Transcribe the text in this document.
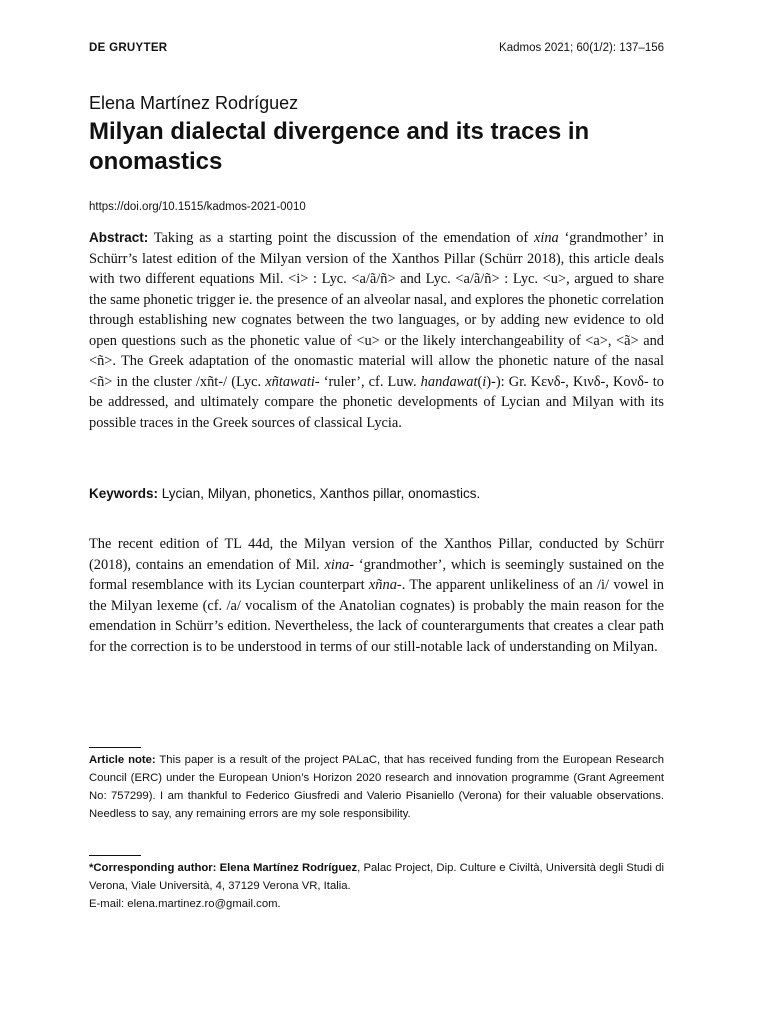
DE GRUYTER	Kadmos 2021; 60(1/2): 137–156
Elena Martínez Rodríguez
Milyan dialectal divergence and its traces in onomastics
https://doi.org/10.1515/kadmos-2021-0010

Abstract: Taking as a starting point the discussion of the emendation of xina ‘grandmother’ in Schürr’s latest edition of the Milyan version of the Xanthos Pillar (Schürr 2018), this article deals with two different equations Mil. <i> : Lyc. <a/ã/ñ> and Lyc. <a/ã/ñ> : Lyc. <u>, argued to share the same phonetic trigger ie. the presence of an alveolar nasal, and explores the phonetic correlation through establishing new cognates between the two languages, or by adding new evidence to old open questions such as the phonetic value of <u> or the likely interchangeability of <a>, <ã> and <ñ>. The Greek adaptation of the onomastic material will allow the phonetic nature of the nasal <ñ> in the cluster /xñt-/ (Lyc. xñtawati- ‘ruler’, cf. Luw. handawat(i)-): Gr. Κενδ-, Κινδ-, Κονδ- to be addressed, and ultimately compare the phonetic developments of Lycian and Milyan with its possible traces in the Greek sources of classical Lycia.

Keywords: Lycian, Milyan, phonetics, Xanthos pillar, onomastics.

The recent edition of TL 44d, the Milyan version of the Xanthos Pillar, conducted by Schürr (2018), contains an emendation of Mil. xina- ‘grandmother’, which is seemingly sustained on the formal resemblance with its Lycian counterpart xñna-. The apparent unlikeliness of an /i/ vowel in the Milyan lexeme (cf. /a/ vocalism of the Anatolian cognates) is probably the main reason for the emendation in Schürr’s edition. Nevertheless, the lack of counterarguments that creates a clear path for the correction is to be understood in terms of our still-notable lack of understanding on Milyan.

Article note: This paper is a result of the project PALaC, that has received funding from the European Research Council (ERC) under the European Union’s Horizon 2020 research and innovation programme (Grant Agreement No: 757299). I am thankful to Federico Giusfredi and Valerio Pisaniello (Verona) for their valuable observations. Needless to say, any remaining errors are my sole responsibility.

*Corresponding author: Elena Martínez Rodríguez, Palac Project, Dip. Culture e Civiltà, Università degli Studi di Verona, Viale Università, 4, 37129 Verona VR, Italia.
E-mail: elena.martinez.ro@gmail.com.
